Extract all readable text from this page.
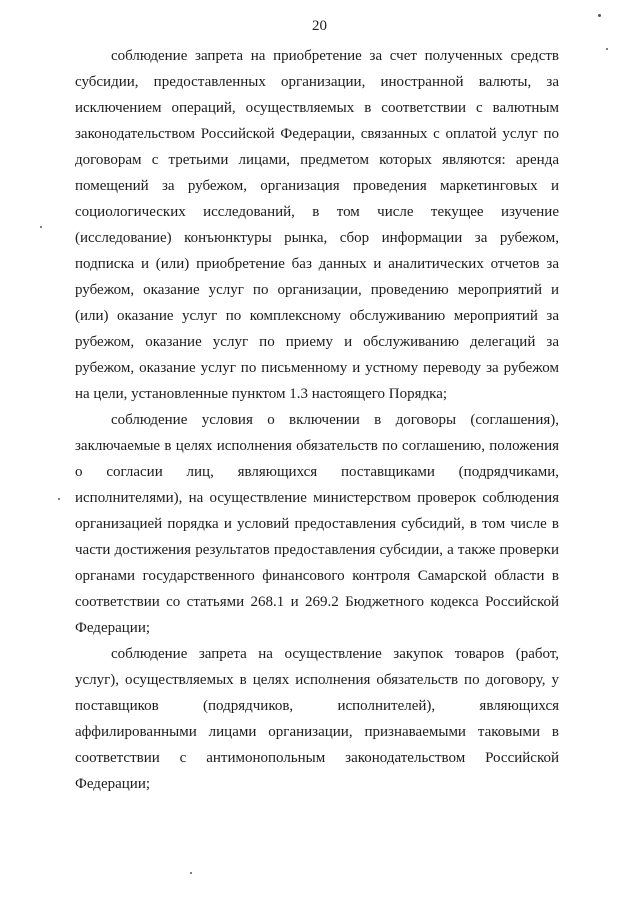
20

соблюдение запрета на приобретение за счет полученных средств

субсидии, предоставленных организации, иностранной валюты, за

исключением операций, осуществляемых в соответствии с валютным

законодательством Российской Федерации, связанных с оплатой услуг по

договорам с третьими лицами, предметом которых являются: аренда

помещений за рубежом, организация проведения маркетинговых и

социологических исследований, в том числе текущее изучение

(исследование) конъюнктуры рынка, сбор информации за рубежом,

подписка и (или) приобретение баз данных и аналитических отчетов за

рубежом, оказание услуг по организации, проведению мероприятий и

(или) оказание услуг по комплексному обслуживанию мероприятий за

рубежом, оказание услуг по приему и обслуживанию делегаций за

рубежом, оказание услуг по письменному и устному переводу за рубежом

на цели, установленные пунктом 1.3 настоящего Порядка;

соблюдение условия о включении в договоры (соглашения),

заключаемые в целях исполнения обязательств по соглашению, положения

о согласии лиц, являющихся поставщиками (подрядчиками,

исполнителями), на осуществление министерством проверок соблюдения

организацией порядка и условий предоставления субсидий, в том числе в

части достижения результатов предоставления субсидии, а также проверки

органами государственного финансового контроля Самарской области в

соответствии со статьями 268.1 и 269.2 Бюджетного кодекса Российской

Федерации;

соблюдение запрета на осуществление закупок товаров (работ,

услуг), осуществляемых в целях исполнения обязательств по договору, у

поставщиков (подрядчиков, исполнителей), являющихся

аффилированными лицами организации, признаваемыми таковыми в

соответствии с антимонопольным законодательством Российской

Федерации;
